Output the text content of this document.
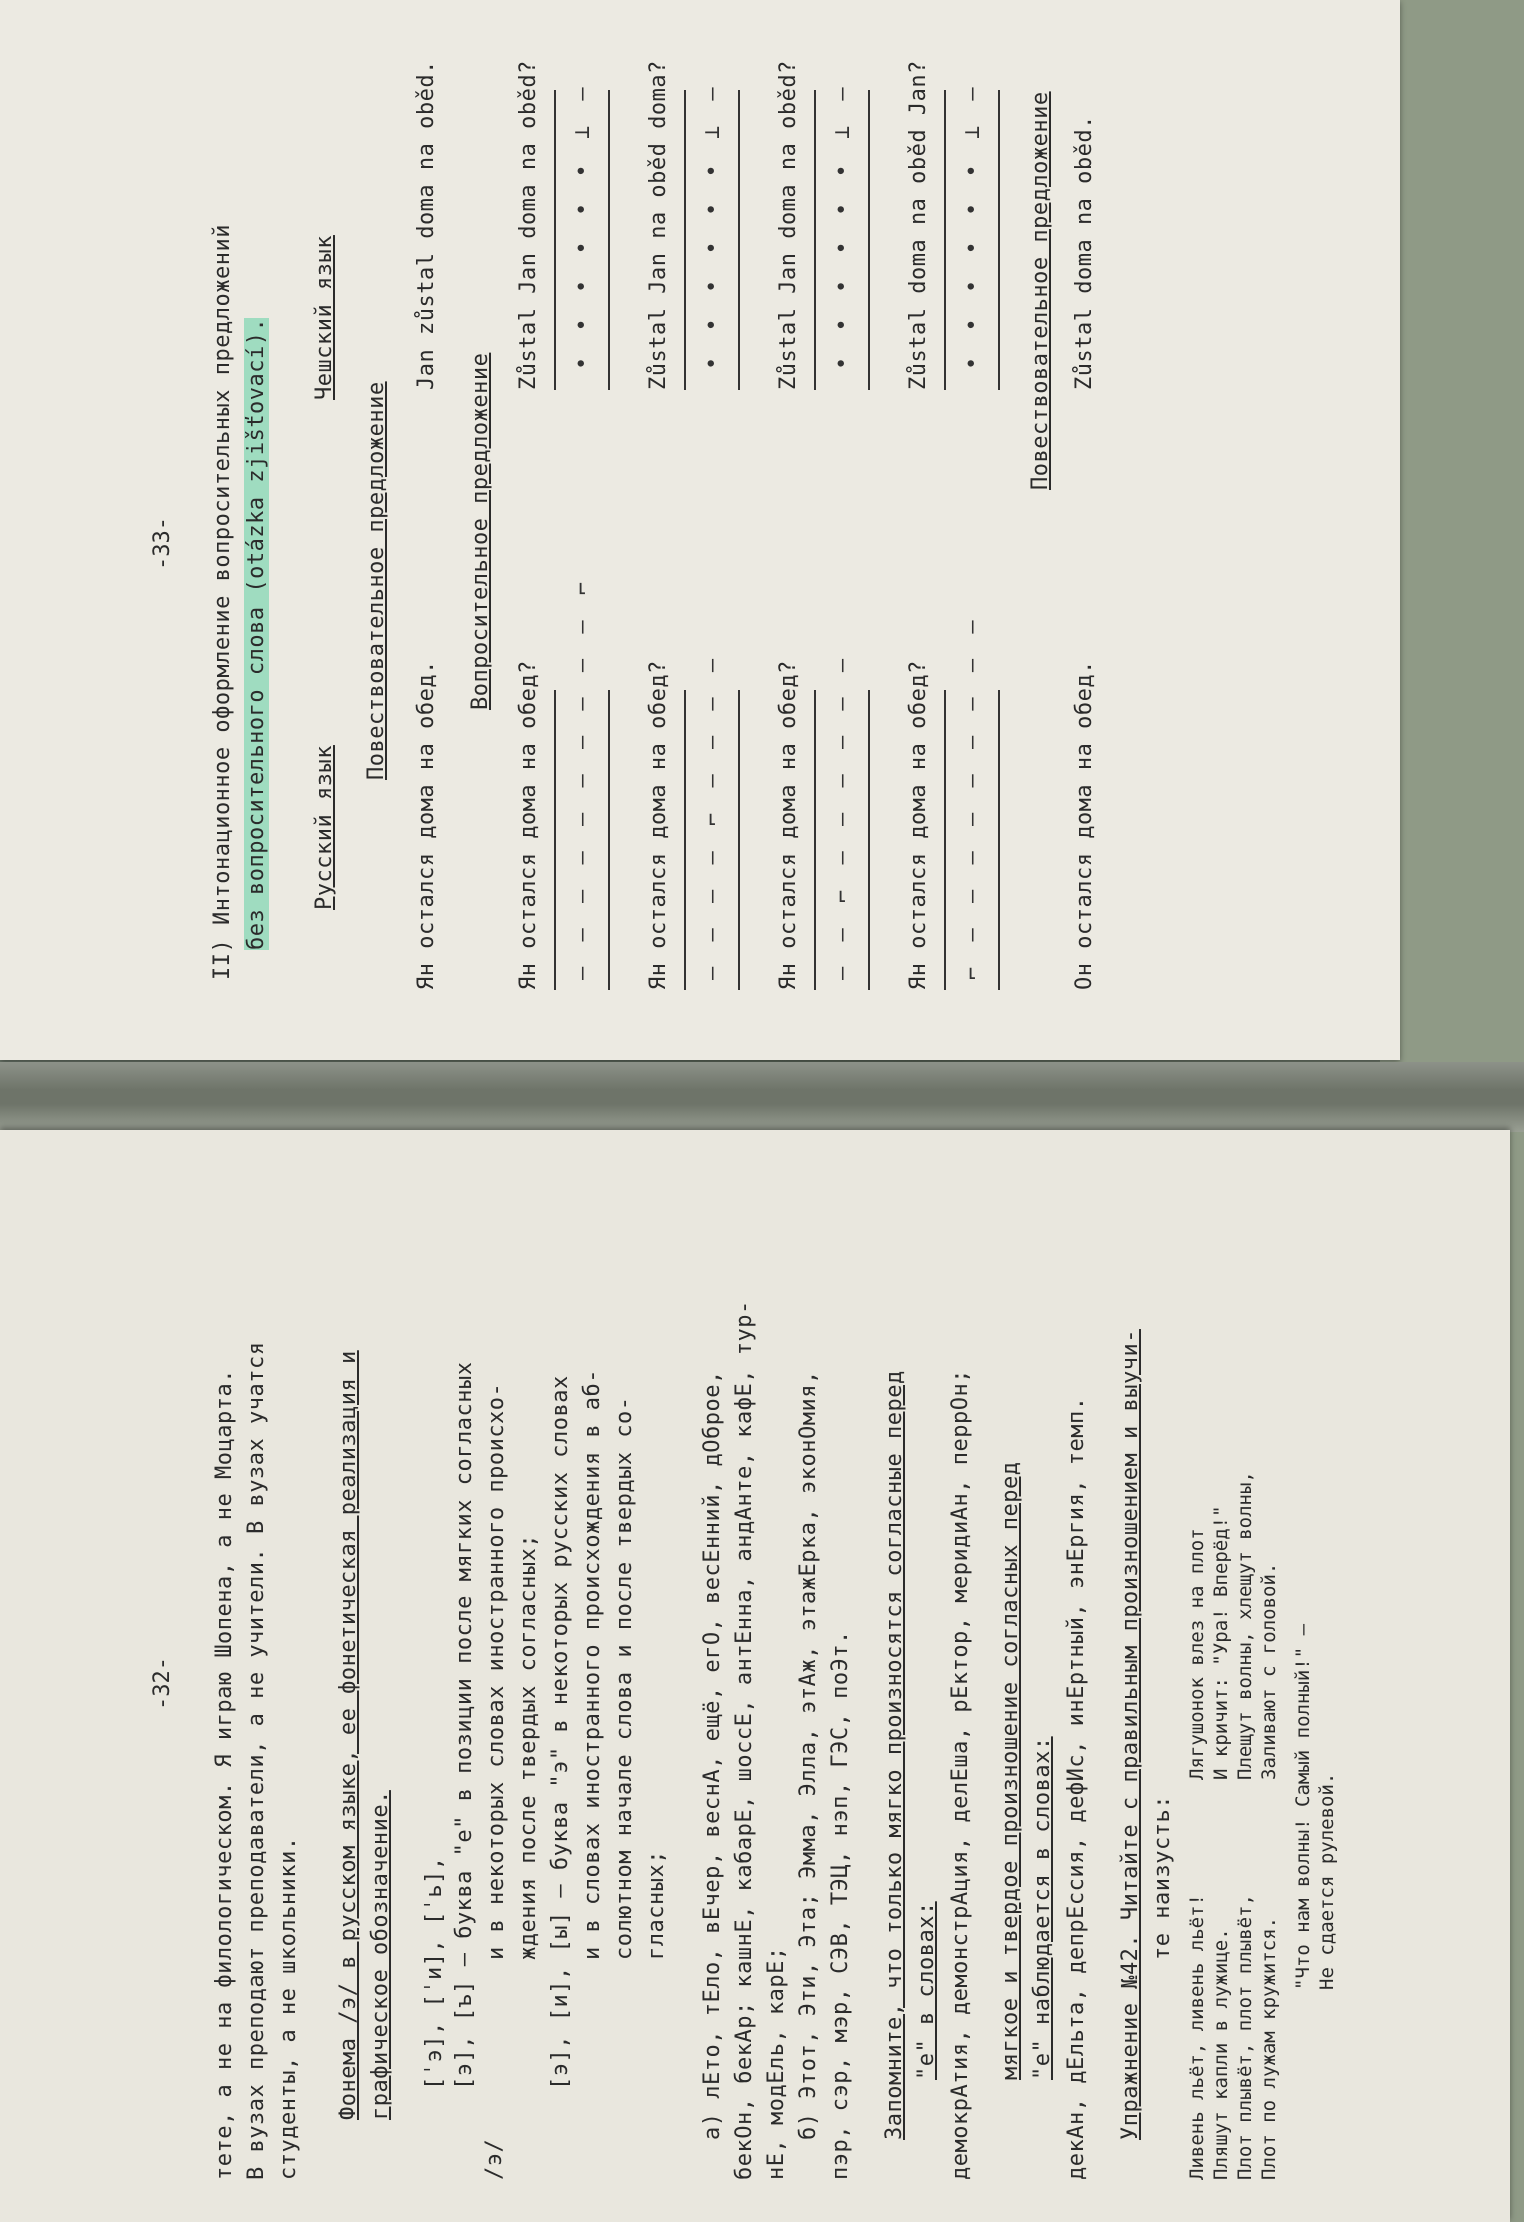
-33- II) Интонационное оформление вопросительных предложений без вопросительного слова (otázka zjišťovací). Русский язык
Чешский язык
Повествовательное предложение
Ян остался дома на обед.
Jan zůstal doma na oběd.
Вопросительное предложение
Ян остался дома на обед?
Zůstal Jan doma na oběd?
– – – – – – – – – – ⌐
• • • • • • ⊥ –
Ян остался дома на обед?
Zůstal Jan na oběd doma?
– – – – ⌐ – – – –
• • • • • • ⊥ –
Ян остался дома на обед?
Zůstal Jan doma na oběd?
– – ⌐ – – – – – –
• • • • • • ⊥ –
Ян остался дома на обед?
Zůstal doma na oběd Jan?
⌐ – – – – – – – – –
• • • • • • ⊥ – Повествовательное предложение
Он остался дома на обед.
Zůstal doma na oběd.
-32- тете, а не на филологическом. Я играю Шопена, а не Моцарта. В вузах преподают преподаватели, а не учители. В вузах учатся студенты, а не школьники. Фонема /э/ в русском языке, ее фонетическая реализация и графическое обозначение.
/э/
[ˈэ], [ˈи], [ˈь], [э], [ъ] – буква "е" в позиции после мягких согласных и в некоторых словах иностранного происхо- ждения после твердых согласных; [э], [и], [ы] – буква "э" в некоторых русских словах и в словах иностранного происхождения в аб- солютном начале слова и после твердых со- гласных; а) лЕто, тЕло, вЕчер, веснА, ещё, егО, весЕнний, дОброе, бекОн, бекАр; кашнЕ, кабарЕ, шоссЕ, антЕнна, андАнте, кафЕ, тур- нЕ, модЕль, карЕ; б) Этот, Эти, Эта; Эмма, Элла, этАж, этажЕрка, эконОмия, пэр, сэр, мэр, СЭВ, ТЭЦ, нэп, ГЭС, поЭт. Запомните, что только мягко произносятся согласные перед "е" в словах: демокрАтия, демонстрАция, делЕша, рЕктор, меридиАн, перрОн; мягкое и твердое произношение согласных перед "е" наблюдается в словах: декАн, дЕльта, депрЕссия, дефИс, инЕртный, энЕргия, темп. Упражнение №42. Читайте с правильным произношением и выучи- те наизусть:
Ливень льёт, ливень льёт! Пляшут капли в лужице. Плот плывёт, плот плывёт, Плот по лужам кружится.
Лягушонок влез на плот И кричит: "Ура! Вперёд!" Плещут волны, хлещут волны, Заливают с головой. "Что нам волны! Самый полный!" – Не сдается рулевой.
